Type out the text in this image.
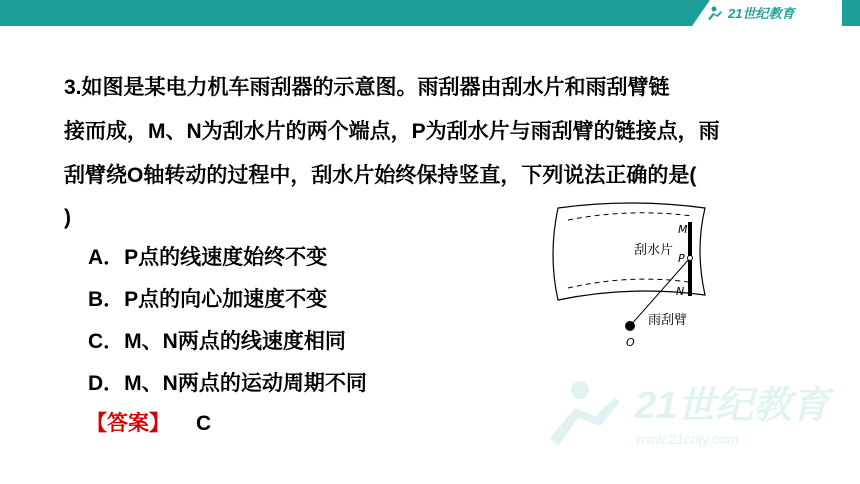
21世纪教育
21世纪教育
www.21cnjy.com
3.如图是某电力机车雨刮器的示意图。雨刮器由刮水片和雨刮臂链
接而成，M、N为刮水片的两个端点，P为刮水片与雨刮臂的链接点，雨
刮臂绕O轴转动的过程中，刮水片始终保持竖直，下列说法正确的是(
)
A．P点的线速度始终不变
B．P点的向心加速度不变
C．M、N两点的线速度相同
D．M、N两点的运动周期不同
【答案】 C
M
P
N
O
刮水片
雨刮臂
